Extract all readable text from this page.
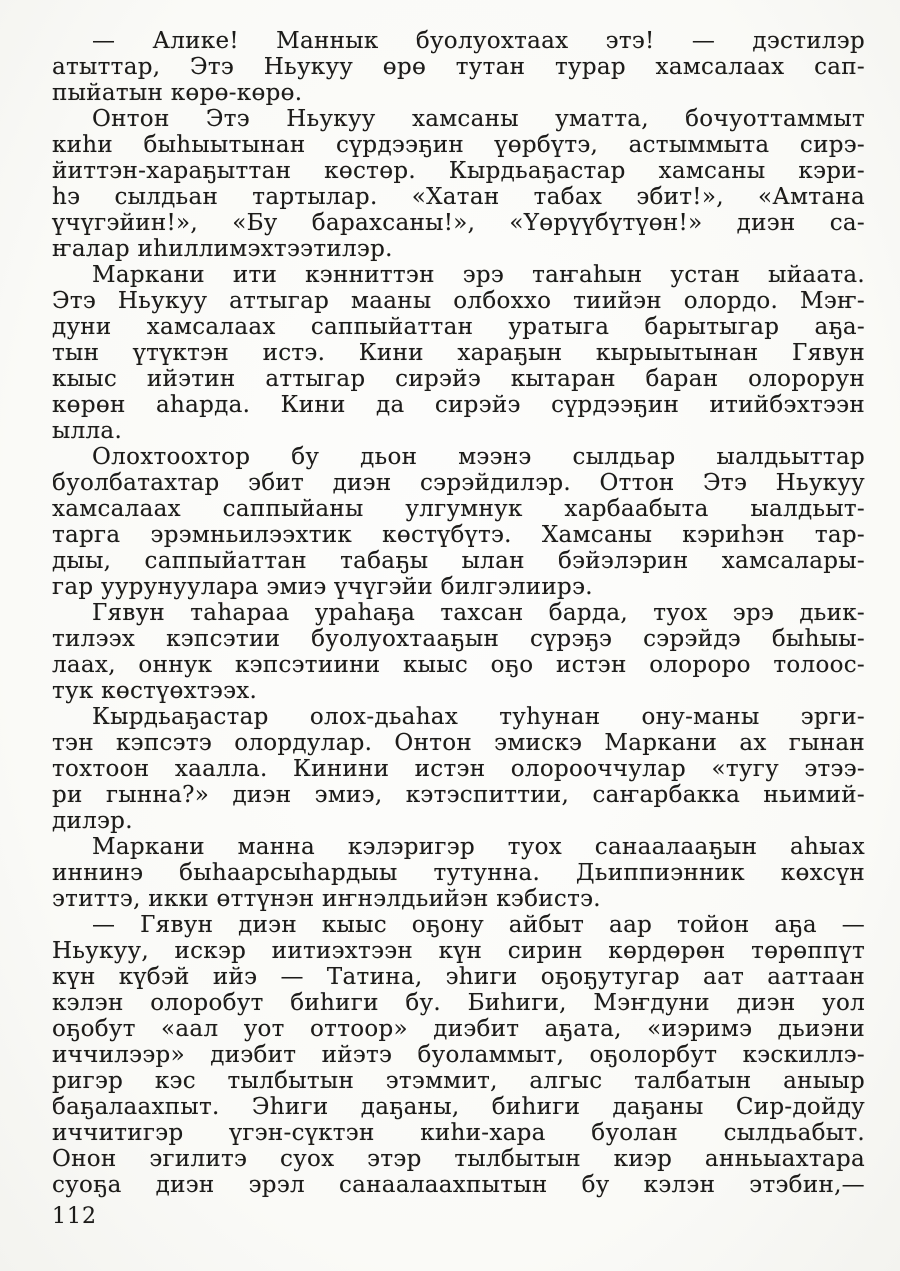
— Алике! Маннык буолуохтаах этэ! — дэстилэр
атыттар, Этэ Ньукуу өрө тутан турар хамсалаах сап-
пыйатын көрө-көрө.
Онтон Этэ Ньукуу хамсаны уматта, бочуоттаммыт
киһи быһыытынан сүрдээҕин үөрбүтэ, астыммыта сирэ-
йиттэн-хараҕыттан көстөр. Кырдьаҕастар хамсаны кэри-
һэ сылдьан тартылар. «Хатан табах эбит!», «Амтана
үчүгэйин!», «Бу барахсаны!», «Үөрүүбүтүөн!» диэн са-
ҥалар иһиллимэхтээтилэр.
Маркани ити кэнниттэн эрэ таҥаһын устан ыйаата.
Этэ Ньукуу аттыгар мааны олбоххо тиийэн олордо. Мэҥ-
дуни хамсалаах саппыйаттан уратыга барытыгар аҕа-
тын үтүктэн истэ. Кини хараҕын кырыытынан Гявун
кыыс ийэтин аттыгар сирэйэ кытаран баран олорорун
көрөн аһарда. Кини да сирэйэ сүрдээҕин итийбэхтээн
ылла.
Олохтоохтор бу дьон мээнэ сылдьар ыалдьыттар
буолбатахтар эбит диэн сэрэйдилэр. Оттон Этэ Ньукуу
хамсалаах саппыйаны улгумнук харбаабыта ыалдьыт-
тарга эрэмньилээхтик көстүбүтэ. Хамсаны кэриһэн тар-
дыы, саппыйаттан табаҕы ылан бэйэлэрин хамсалары-
гар уурунуулара эмиэ үчүгэйи билгэлиирэ.
Гявун таһараа ураһаҕа тахсан барда, туох эрэ дьик-
тилээх кэпсэтии буолуохтааҕын сүрэҕэ сэрэйдэ быһыы-
лаах, оннук кэпсэтиини кыыс оҕо истэн олороро толоос-
тук көстүөхтээх.
Кырдьаҕастар олох-дьаһах туһунан ону-маны эрги-
тэн кэпсэтэ олордулар. Онтон эмискэ Маркани ах гынан
тохтоон хаалла. Кинини истэн олорооччулар «тугу этээ-
ри гынна?» диэн эмиэ, кэтэспиттии, саҥарбакка ньимий-
дилэр.
Маркани манна кэлэригэр туох санаалааҕын аһыах
иннинэ быһаарсыһардыы тутунна. Дьиппиэнник көхсүн
этиттэ, икки өттүнэн иҥнэлдьийэн кэбистэ.
— Гявун диэн кыыс оҕону айбыт аар тойон аҕа —
Ньукуу, искэр иитиэхтээн күн сирин көрдөрөн төрөппүт
күн күбэй ийэ — Татина, эһиги оҕоҕутугар аат ааттаан
кэлэн олоробут биһиги бу. Биһиги, Мэҥдуни диэн уол
оҕобут «аал уот оттоор» диэбит аҕата, «иэримэ дьиэни
иччилээр» диэбит ийэтэ буоламмыт, оҕолорбут кэскиллэ-
ригэр кэс тылбытын этэммит, алгыс талбатын аныыр
баҕалаахпыт. Эһиги даҕаны, биһиги даҕаны Сир-дойду
иччитигэр үгэн-сүктэн киһи-хара буолан сылдьабыт.
Онон эгилитэ суох этэр тылбытын киэр анньыахтара
суоҕа диэн эрэл санаалаахпытын бу кэлэн этэбин,—
112
